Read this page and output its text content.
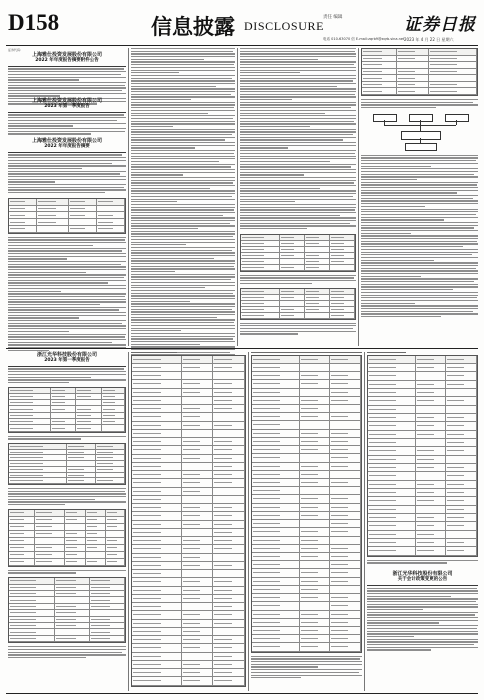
D158	信息披露 DISCLOSURE
责任 编辑
电话 010-63070 信 E-mail:zqrb9@zqrb.sina.net
证券日报
2023 年 4 月 22 日 星期六
证券代码：

上海雅仕投资发展股份有限公司
2022 年年度报告摘要附件公告
上海雅仕投资发展股份有限公司
2023 年第一季度报告
上海雅仕投资发展股份有限公司
2022 年年度报告摘要
浙江光华科技股份有限公司
2023 年第一季度报告
浙江光华科技股份有限公司
关于会计政策变更的公告
